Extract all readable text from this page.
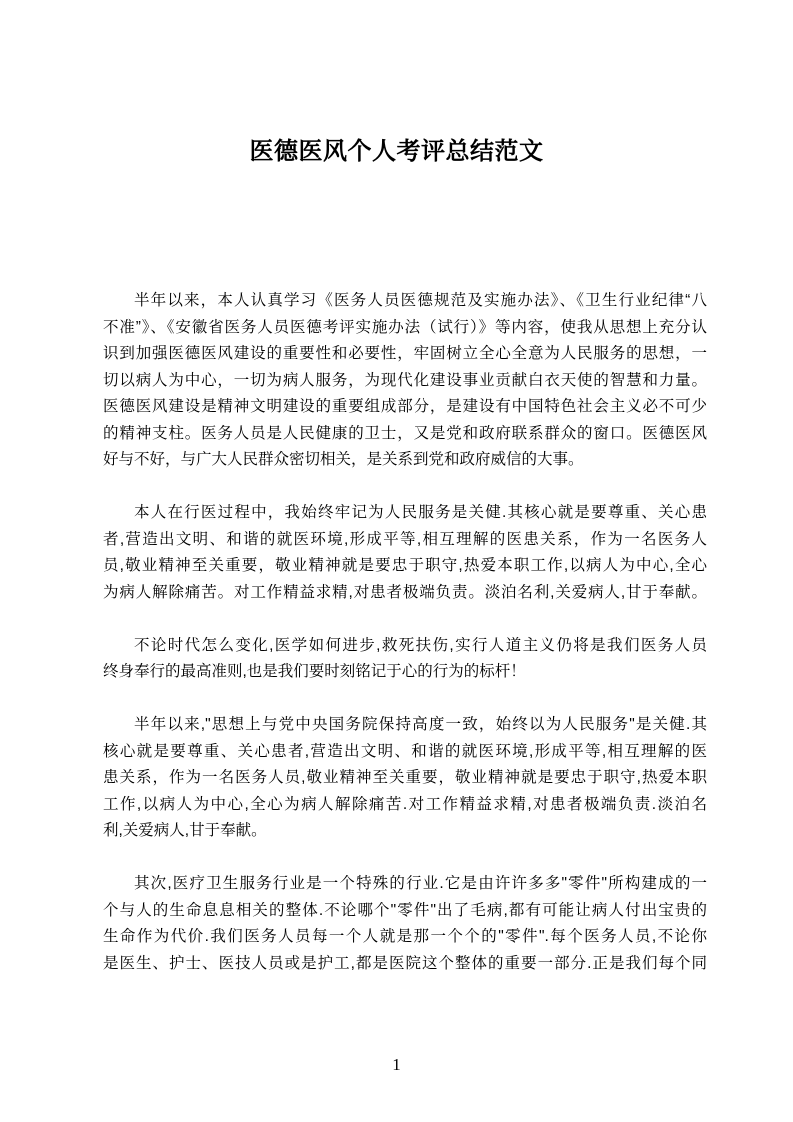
医德医风个人考评总结范文
半年以来，本人认真学习《医务人员医德规范及实施办法》、《卫生行业纪律“八
不准”》、《安徽省医务人员医德考评实施办法（试行）》等内容，使我从思想上充分认
识到加强医德医风建设的重要性和必要性，牢固树立全心全意为人民服务的思想，一
切以病人为中心，一切为病人服务，为现代化建设事业贡献白衣天使的智慧和力量。
医德医风建设是精神文明建设的重要组成部分，是建设有中国特色社会主义必不可少
的精神支柱。医务人员是人民健康的卫士，又是党和政府联系群众的窗口。医德医风
好与不好，与广大人民群众密切相关，是关系到党和政府威信的大事。
本人在行医过程中，我始终牢记为人民服务是关健.其核心就是要尊重、关心患
者,营造出文明、和谐的就医环境,形成平等,相互理解的医患关系，作为一名医务人
员,敬业精神至关重要，敬业精神就是要忠于职守,热爱本职工作,以病人为中心,全心
为病人解除痛苦。对工作精益求精,对患者极端负责。淡泊名利,关爱病人,甘于奉献。
不论时代怎么变化,医学如何进步,救死扶伤,实行人道主义仍将是我们医务人员
终身奉行的最高准则,也是我们要时刻铭记于心的行为的标杆！
半年以来,"思想上与党中央国务院保持高度一致，始终以为人民服务"是关健.其
核心就是要尊重、关心患者,营造出文明、和谐的就医环境,形成平等,相互理解的医
患关系，作为一名医务人员,敬业精神至关重要，敬业精神就是要忠于职守,热爱本职
工作,以病人为中心,全心为病人解除痛苦.对工作精益求精,对患者极端负责.淡泊名
利,关爱病人,甘于奉献。
其次,医疗卫生服务行业是一个特殊的行业.它是由许许多多"零件"所构建成的一
个与人的生命息息相关的整体.不论哪个"零件"出了毛病,都有可能让病人付出宝贵的
生命作为代价.我们医务人员每一个人就是那一个个的"零件".每个医务人员,不论你
是医生、护士、医技人员或是护工,都是医院这个整体的重要一部分.正是我们每个同
1
